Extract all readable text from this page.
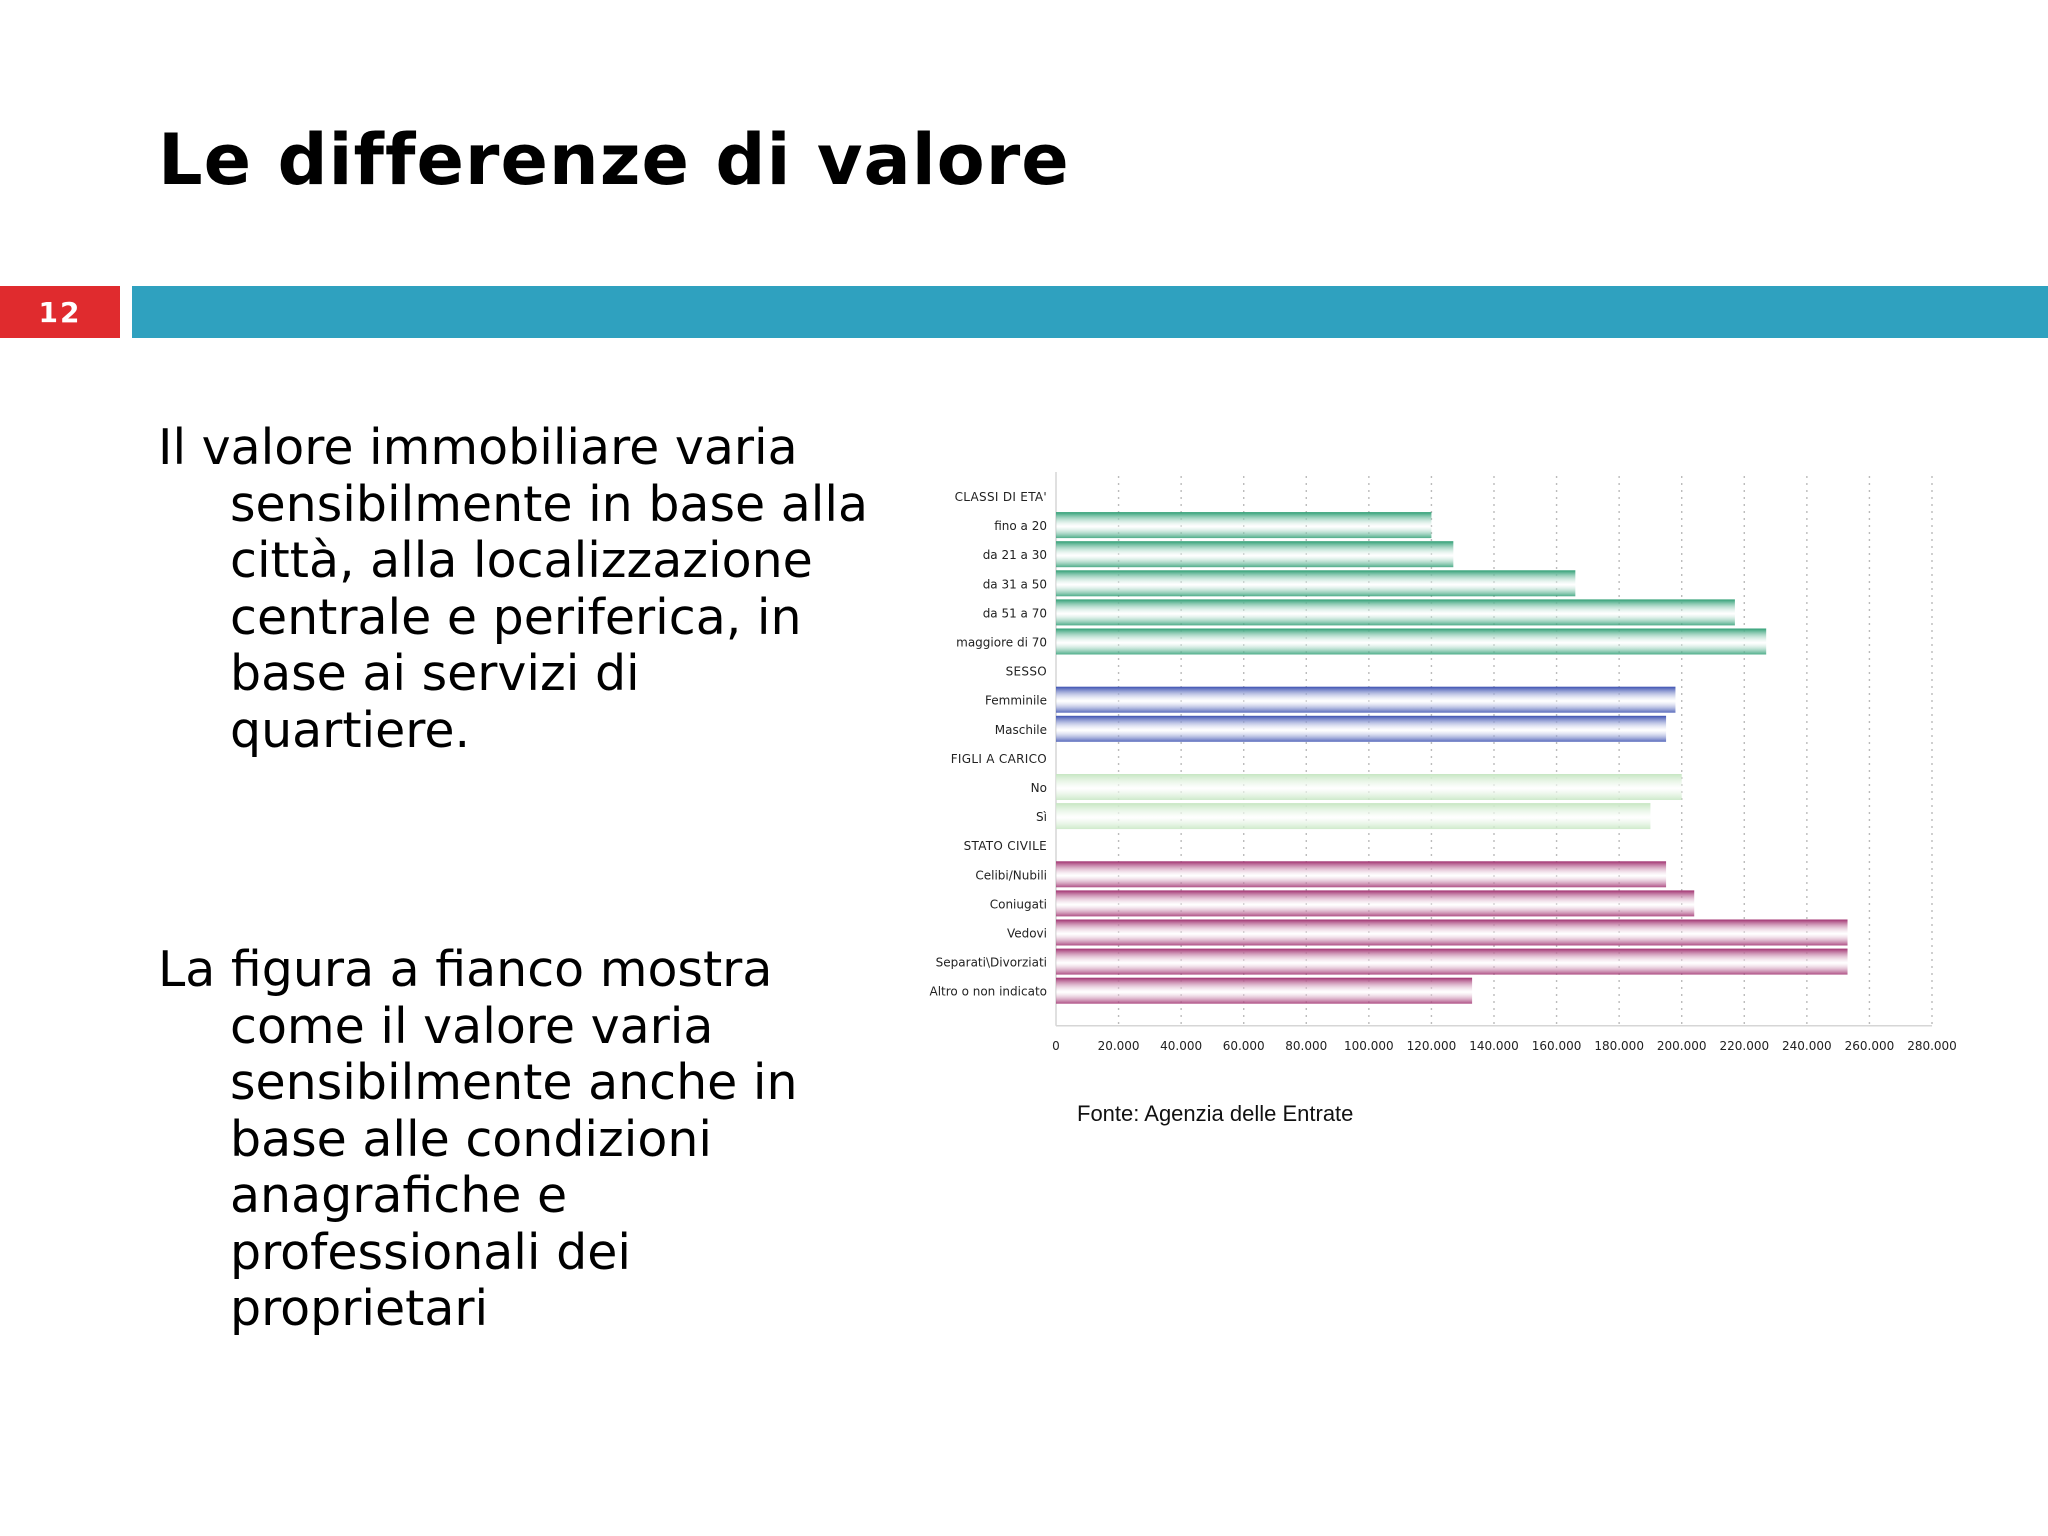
Le differenze di valore
12

Il valore immobiliare varia sensibilmente in base alla città, alla localizzazione centrale e periferica, in base ai servizi di quartiere.

La figura a fianco mostra come il valore varia sensibilmente anche in base alle condizioni anagrafiche e professionali dei proprietari

0	20.000 40.000 60.000 80.000 100.000 120.000 140.000 160.000 180.000 200.000 220.000 240.000 260.000 280.000
CLASSI DI ETA'
fino a 20
da 21 a 30
da 31 a 50
da 51 a 70
maggiore di 70
SESSO
Femminile
Maschile
FIGLI A CARICO
No
Sì
STATO CIVILE
Celibi/Nubili
Coniugati
Vedovi
Separati\Divorziati
Altro o non indicato
Fonte: Agenzia delle Entrate
